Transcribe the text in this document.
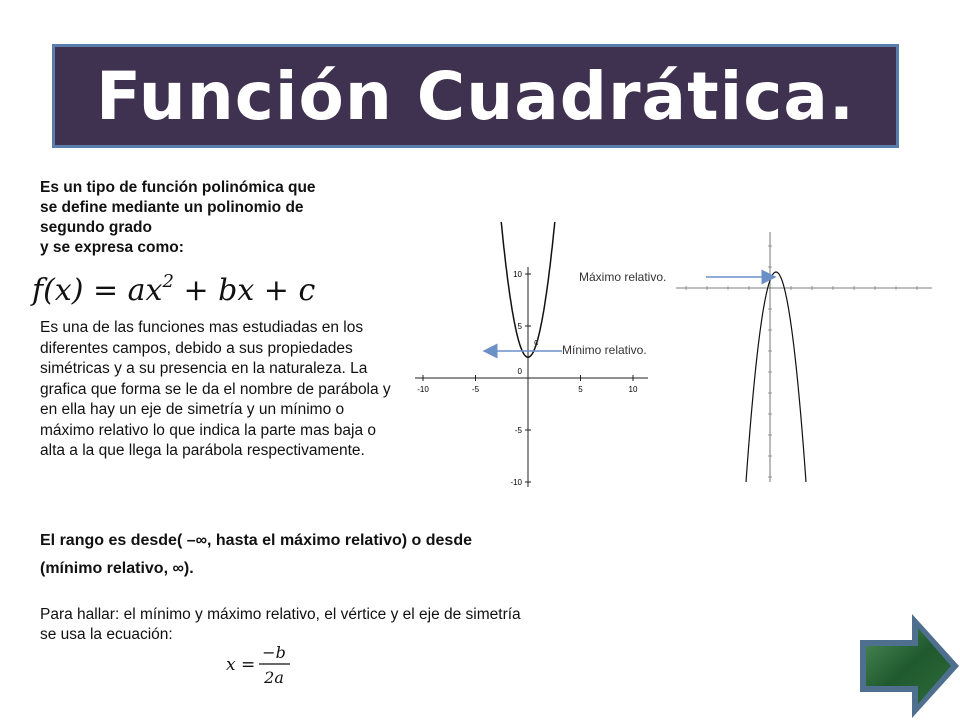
Función Cuadrática.
Es un tipo de función polinómica que
se define mediante un polinomio de
segundo grado
y se expresa como:
$f(x) = ax^2$ + bx + c
Es una de las funciones mas estudiadas en los diferentes campos, debido a sus propiedades simétricas y a su presencia en la naturaleza. La grafica que forma se le da el nombre de parábola y en ella hay un eje de simetría y un mínimo o máximo relativo lo que indica la parte mas baja o alta a la que llega la parábola respectivamente.
El rango es desde( –∞, hasta el máximo relativo) o desde
(mínimo relativo, ∞).
Para hallar: el mínimo y máximo relativo, el vértice y el eje de simetría
se usa la ecuación:
x =
−b
2a
-10	-5	5	10
10
5
0
-5
-10
c
Mínimo relativo.
Máximo relativo.
